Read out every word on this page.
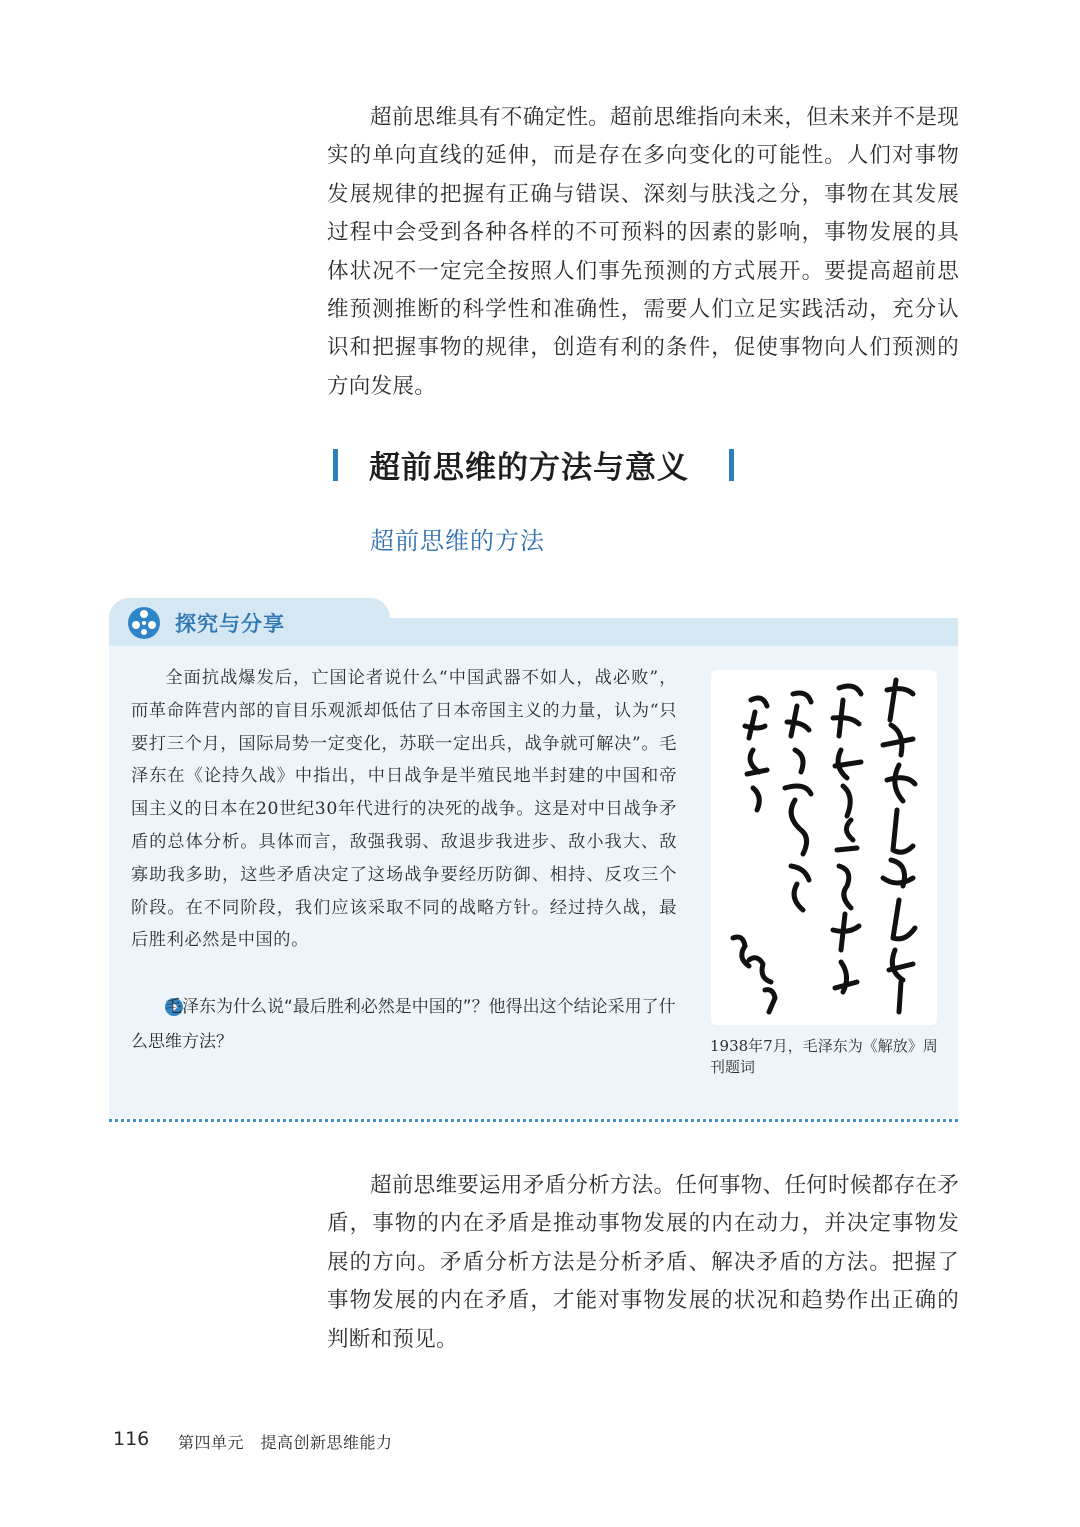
超前思维具有不确定性。超前思维指向未来，但未来并不是现实的单向直线的延伸，而是存在多向变化的可能性。人们对事物发展规律的把握有正确与错误、深刻与肤浅之分，事物在其发展过程中会受到各种各样的不可预料的因素的影响，事物发展的具体状况不一定完全按照人们事先预测的方式展开。要提高超前思维预测推断的科学性和准确性，需要人们立足实践活动，充分认识和把握事物的规律，创造有利的条件，促使事物向人们预测的方向发展。

超前思维的方法与意义
超前思维的方法
探究与分享

全面抗战爆发后，亡国论者说什么“中国武器不如人，战必败”，而革命阵营内部的盲目乐观派却低估了日本帝国主义的力量，认为“只要打三个月，国际局势一定变化，苏联一定出兵，战争就可解决”。毛泽东在《论持久战》中指出，中日战争是半殖民地半封建的中国和帝国主义的日本在20世纪30年代进行的决死的战争。这是对中日战争矛盾的总体分析。具体而言，敌强我弱、敌退步我进步、敌小我大、敌寡助我多助，这些矛盾决定了这场战争要经历防御、相持、反攻三个阶段。在不同阶段，我们应该采取不同的战略方针。经过持久战，最后胜利必然是中国的。

毛泽东为什么说“最后胜利必然是中国的”？他得出这个结论采用了什么思维方法？	1938年7月，毛泽东为《解放》周刊题词

超前思维要运用矛盾分析方法。任何事物、任何时候都存在矛盾，事物的内在矛盾是推动事物发展的内在动力，并决定事物发展的方向。矛盾分析方法是分析矛盾、解决矛盾的方法。把握了事物发展的内在矛盾，才能对事物发展的状况和趋势作出正确的判断和预见。

116 第四单元　提高创新思维能力
